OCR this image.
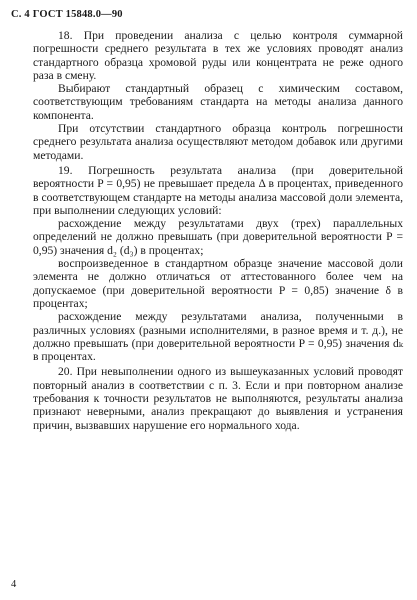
С. 4 ГОСТ 15848.0—90

18. При проведении анализа с целью контроля суммарной погрешности среднего результата в тех же условиях проводят анализ стандартного образца хромовой руды или концентрата не реже одного раза в смену.

Выбирают стандартный образец с химическим составом, соответствующим требованиям стандарта на методы анализа данного компонента.

При отсутствии стандартного образца контроль погрешности среднего результата анализа осуществляют методом добавок или другими методами.

19. Погрешность результата анализа (при доверительной вероятности P = 0,95) не превышает предела Δ в процентах, приведенного в соответствующем стандарте на методы анализа массовой доли элемента, при выполнении следующих условий:

расхождение между результатами двух (трех) параллельных определений не должно превышать (при доверительной вероятности P = 0,95) значения d₂ (d₃) в процентах;

воспроизведенное в стандартном образце значение массовой доли элемента не должно отличаться от аттестованного более чем на допускаемое (при доверительной вероятности P = 0,85) значение δ в процентах;

расхождение между результатами анализа, полученными в различных условиях (разными исполнителями, в разное время и т. д.), не должно превышать (при доверительной вероятности P = 0,95) значения dₖ в процентах.

20. При невыполнении одного из вышеуказанных условий проводят повторный анализ в соответствии с п. 3. Если и при повторном анализе требования к точности результатов не выполняются, результаты анализа признают неверными, анализ прекращают до выявления и устранения причин, вызвавших нарушение его нормального хода.

4
